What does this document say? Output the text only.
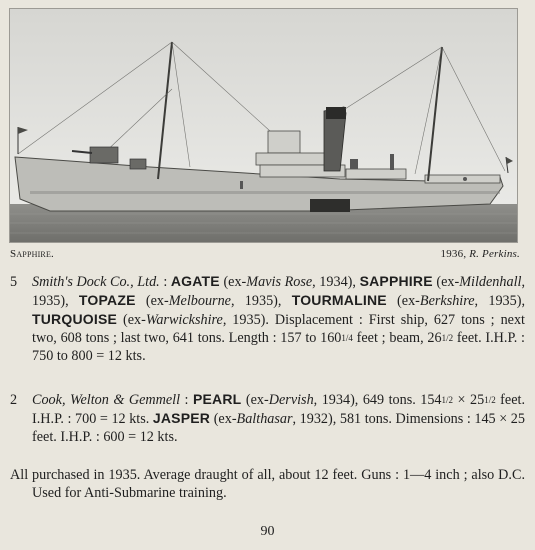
Sapphire.	1936, R. Perkins.
5 Smith's Dock Co., Ltd. : AGATE (ex-Mavis Rose, 1934), SAPPHIRE (ex-Mildenhall, 1935), TOPAZE (ex-Melbourne, 1935), TOURMALINE (ex-Berkshire, 1935), TURQUOISE (ex-Warwickshire, 1935). Displacement : First ship, 627 tons ; next two, 608 tons ; last two, 641 tons. Length : 157 to 1601/4 feet ; beam, 261/2 feet. I.H.P. : 750 to 800 = 12 kts.
2 Cook, Welton & Gemmell : PEARL (ex-Dervish, 1934), 649 tons. 1541/2 × 251/2 feet. I.H.P. : 700 = 12 kts. JASPER (ex-Balthasar, 1932), 581 tons. Dimensions : 145 × 25 feet. I.H.P. : 600 = 12 kts.
All purchased in 1935. Average draught of all, about 12 feet. Guns : 1—4 inch ; also D.C. Used for Anti-Submarine training.
90
